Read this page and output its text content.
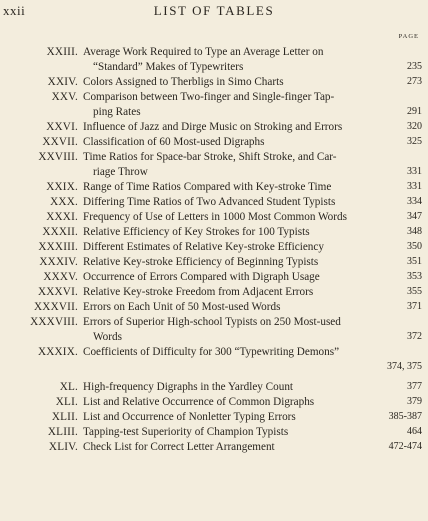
xxii	LIST OF TABLES
PAGE
XXIII. Average Work Required to Type an Average Letter on
“Standard” Makes of Typewriters	235
XXIV. Colors Assigned to Therbligs in Simo Charts	273
XXV. Comparison between Two-finger and Single-finger Tap-
ping Rates	291
XXVI. Influence of Jazz and Dirge Music on Stroking and Errors	320
XXVII. Classification of 60 Most-used Digraphs	325
XXVIII. Time Ratios for Space-bar Stroke, Shift Stroke, and Car-
riage Throw	331
XXIX. Range of Time Ratios Compared with Key-stroke Time	331
XXX. Differing Time Ratios of Two Advanced Student Typists	334
XXXI. Frequency of Use of Letters in 1000 Most Common Words	347
XXXII. Relative Efficiency of Key Strokes for 100 Typists	348
XXXIII. Different Estimates of Relative Key-stroke Efficiency	350
XXXIV. Relative Key-stroke Efficiency of Beginning Typists	351
XXXV. Occurrence of Errors Compared with Digraph Usage	353
XXXVI. Relative Key-stroke Freedom from Adjacent Errors	355
XXXVII. Errors on Each Unit of 50 Most-used Words	371
XXXVIII. Errors of Superior High-school Typists on 250 Most-used
Words	372
XXXIX. Coefficients of Difficulty for 300 “Typewriting Demons”
374, 375
XL. High-frequency Digraphs in the Yardley Count	377
XLI. List and Relative Occurrence of Common Digraphs	379
XLII. List and Occurrence of Nonletter Typing Errors	385-387
XLIII. Tapping-test Superiority of Champion Typists	464
XLIV. Check List for Correct Letter Arrangement	472-474
